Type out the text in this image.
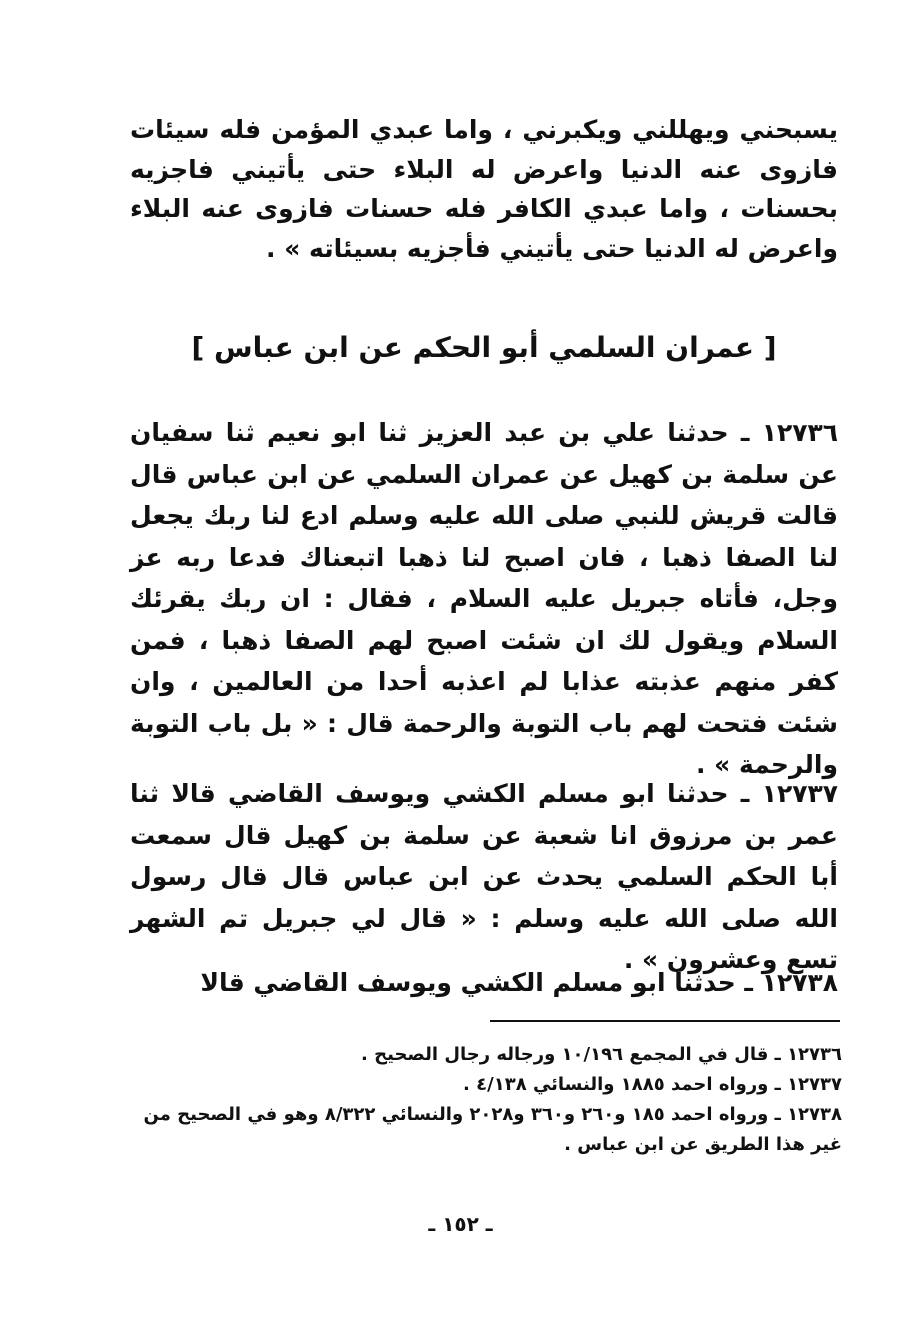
يسبحني ويهللني ويكبرني ، واما عبدي المؤمن فله سيئات فازوى عنه الدنيا واعرض له البلاء حتى يأتيني فاجزيه بحسنات ، واما عبدي الكافر فله حسنات فازوى عنه البلاء واعرض له الدنيا حتى يأتيني فأجزيه بسيئاته » .

[ عمران السلمي أبو الحكم عن ابن عباس ]
١٢٧٣٦ ـ حدثنا علي بن عبد العزيز ثنا ابو نعيم ثنا سفيان عن سلمة بن كهيل عن عمران السلمي عن ابن عباس قال قالت قريش للنبي صلى الله عليه وسلم ادع لنا ربك يجعل لنا الصفا ذهبا ، فان اصبح لنا ذهبا اتبعناك فدعا ربه عز وجل، فأتاه جبريل عليه السلام ، فقال : ان ربك يقرئك السلام ويقول لك ان شئت اصبح لهم الصفا ذهبا ، فمن كفر منهم عذبته عذابا لم اعذبه أحدا من العالمين ، وان شئت فتحت لهم باب التوبة والرحمة قال : « بل باب التوبة والرحمة » .
١٢٧٣٧ ـ حدثنا ابو مسلم الكشي ويوسف القاضي قالا ثنا عمر بن مرزوق انا شعبة عن سلمة بن كهيل قال سمعت أبا الحكم السلمي يحدث عن ابن عباس قال قال رسول الله صلى الله عليه وسلم : « قال لي جبريل تم الشهر تسع وعشرون » .
١٢٧٣٨ ـ حدثنا ابو مسلم الكشي ويوسف القاضي قالا

١٢٧٣٦ ـ قال في المجمع ١٠/١٩٦ ورجاله رجال الصحيح .

١٢٧٣٧ ـ ورواه احمد ١٨٨٥ والنسائي ٤/١٣٨ .

١٢٧٣٨ ـ ورواه احمد ١٨٥ و٢٦٠ و٣٦٠ و٢٠٢٨ والنسائي ٨/٣٢٢ وهو في الصحيح من غير هذا الطريق عن ابن عباس .

ـ ١٥٢ ـ
